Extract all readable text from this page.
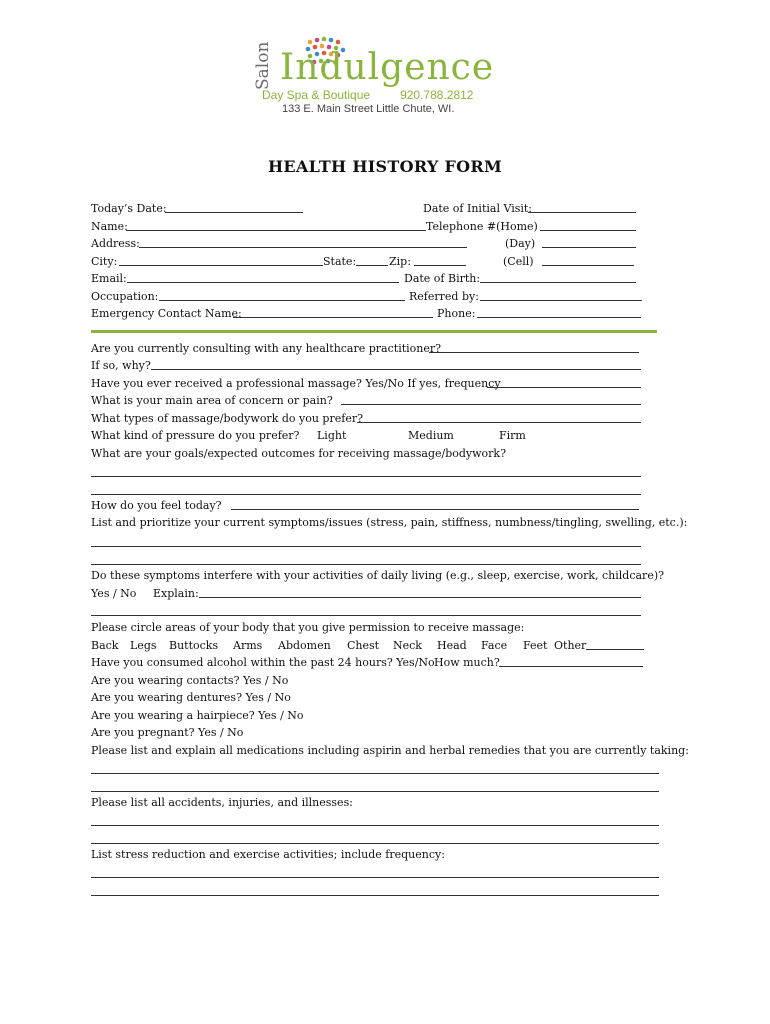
Salon Indulgence
Day Spa & Boutique	920.788.2812
133 E. Main Street Little Chute, WI.
HEALTH HISTORY FORM
Today’s Date:	Date of Initial Visit:
Name:	Telephone #(Home)
Address:	(Day)
City:	State:	Zip:	(Cell)
Email:	Date of Birth:
Occupation:	Referred by:
Emergency Contact Name:	Phone:
Are you currently consulting with any healthcare practitioner?
If so, why?
Have you ever received a professional massage? Yes/No If yes, frequency
What is your main area of concern or pain?
What types of massage/bodywork do you prefer?
What kind of pressure do you prefer? Light	Medium	Firm
What are your goals/expected outcomes for receiving massage/bodywork?
How do you feel today?
List and prioritize your current symptoms/issues (stress, pain, stiffness, numbness/tingling, swelling, etc.):
Do these symptoms interfere with your activities of daily living (e.g., sleep, exercise, work, childcare)?
Yes / No Explain:
Please circle areas of your body that you give permission to receive massage:
Back Legs Buttocks Arms Abdomen Chest Neck Head Face Feet Other
Have you consumed alcohol within the past 24 hours? Yes/No How much?
Are you wearing contacts? Yes / No
Are you wearing dentures? Yes / No
Are you wearing a hairpiece? Yes / No
Are you pregnant? Yes / No
Please list and explain all medications including aspirin and herbal remedies that you are currently taking:
Please list all accidents, injuries, and illnesses:
List stress reduction and exercise activities; include frequency:
